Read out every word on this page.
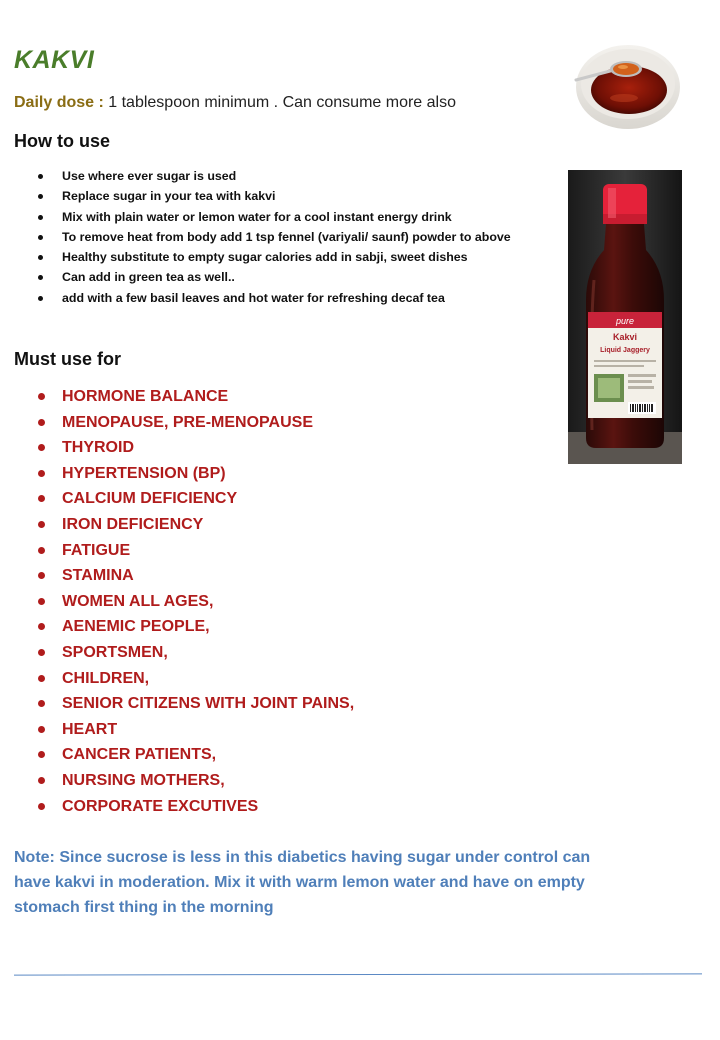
KAKVI
Daily dose : 1 tablespoon minimum . Can consume more also
How to use
Use where ever sugar is used
Replace sugar in your tea with kakvi
Mix with plain water or lemon water for a cool instant energy drink
To remove heat from body add 1 tsp fennel (variyali/ saunf) powder to above
Healthy substitute to empty sugar calories add in sabji, sweet dishes
Can add in green tea as well..
add with a few basil leaves and hot water for refreshing decaf tea
Must use for
HORMONE BALANCE
MENOPAUSE, PRE-MENOPAUSE
THYROID
HYPERTENSION (BP)
CALCIUM DEFICIENCY
IRON DEFICIENCY
FATIGUE
STAMINA
WOMEN ALL AGES,
AENEMIC PEOPLE,
SPORTSMEN,
CHILDREN,
SENIOR CITIZENS WITH JOINT PAINS,
HEART
CANCER PATIENTS,
NURSING MOTHERS,
CORPORATE EXCUTIVES
Note: Since sucrose is less in this diabetics having sugar under control can have kakvi in moderation. Mix it with warm lemon water and have on empty stomach first thing in the morning
pure
Kakvi
Liquid Jaggery
